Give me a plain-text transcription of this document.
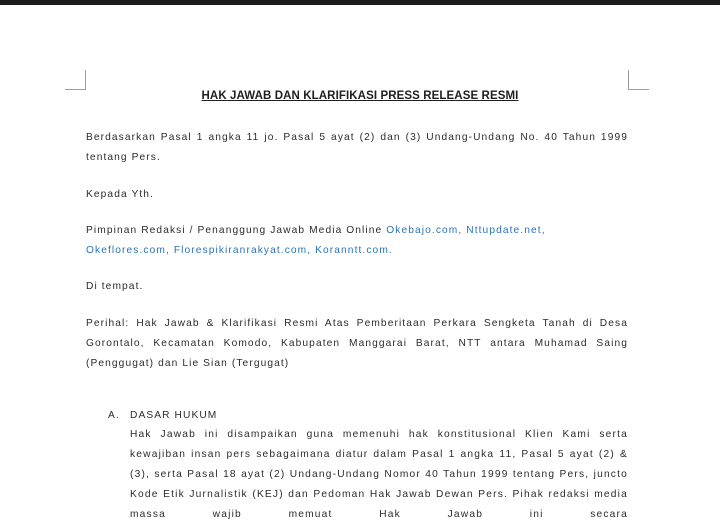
HAK JAWAB DAN KLARIFIKASI PRESS RELEASE RESMI
Berdasarkan Pasal 1 angka 11 jo. Pasal 5 ayat (2) dan (3) Undang-Undang No. 40 Tahun 1999 tentang Pers.
Kepada Yth.
Pimpinan Redaksi / Penanggung Jawab Media Online Okebajo.com, Nttupdate.net,
Okeflores.com, Florespikiranrakyat.com, Koranntt.com.
Di tempat.
Perihal: Hak Jawab & Klarifikasi Resmi Atas Pemberitaan Perkara Sengketa Tanah di Desa Gorontalo, Kecamatan Komodo, Kabupaten Manggarai Barat, NTT antara Muhamad Saing (Penggugat) dan Lie Sian (Tergugat)
A. DASAR HUKUM
Hak Jawab ini disampaikan guna memenuhi hak konstitusional Klien Kami serta kewajiban insan pers sebagaimana diatur dalam Pasal 1 angka 11, Pasal 5 ayat (2) & (3), serta Pasal 18 ayat (2) Undang-Undang Nomor 40 Tahun 1999 tentang Pers, juncto Kode Etik Jurnalistik (KEJ) dan Pedoman Hak Jawab Dewan Pers. Pihak redaksi media massa wajib memuat Hak Jawab ini secara
